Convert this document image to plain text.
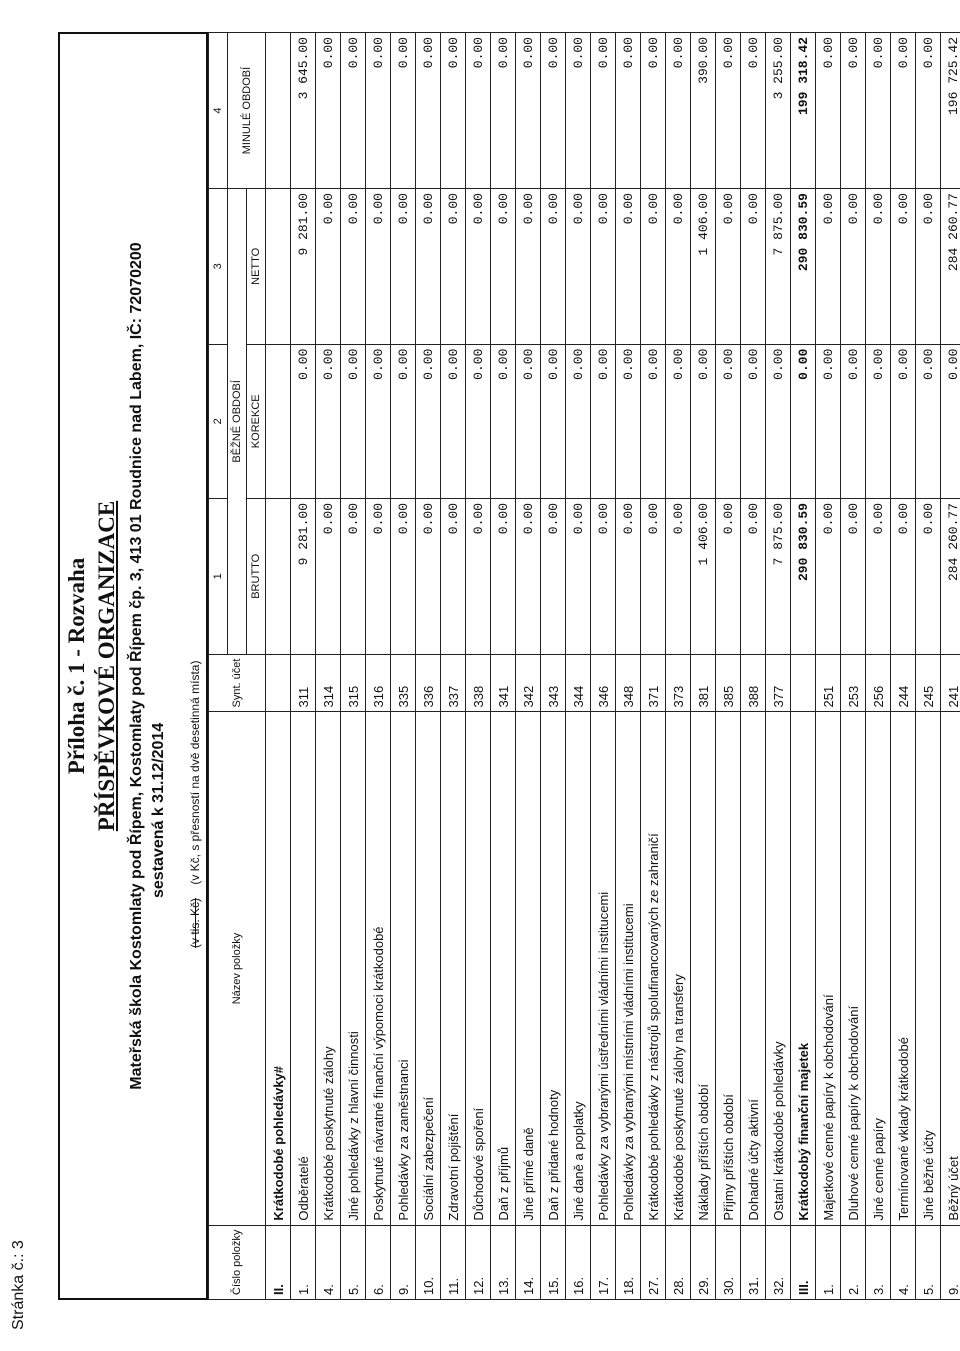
Stránka č.: 3
Příloha č. 1 - Rozvaha PŘÍSPĚVKOVÉ ORGANIZACE Mateřská škola Kostomlaty pod Řípem, Kostomlaty pod Řípem čp. 3, 413 01 Roudnice nad Labem, IČ: 72070200 sestavená k 31.12/2014
(v tis. Kč) (v Kč, s přesností na dvě desetinná místa)
Číslo položky	Název položky	Synt. účet	1	2	3	4
			BĚŽNÉ OBDOBÍ			MINULÉ OBDOBÍ
			BRUTTO	KOREKCE	NETTO	
II.	Krátkodobé pohledávky#					
1.	Odběratelé	311	9 281.00	0.00	9 281.00	3 645.00
4.	Krátkodobé poskytnuté zálohy	314	0.00	0.00	0.00	0.00
5.	Jiné pohledávky z hlavní činnosti	315	0.00	0.00	0.00	0.00
6.	Poskytnuté návratné finanční výpomoci krátkodobé	316	0.00	0.00	0.00	0.00
9.	Pohledávky za zaměstnanci	335	0.00	0.00	0.00	0.00
10.	Sociální zabezpečení	336	0.00	0.00	0.00	0.00
11.	Zdravotní pojištění	337	0.00	0.00	0.00	0.00
12.	Důchodové spoření	338	0.00	0.00	0.00	0.00
13.	Daň z příjmů	341	0.00	0.00	0.00	0.00
14.	Jiné přímé daně	342	0.00	0.00	0.00	0.00
15.	Daň z přidané hodnoty	343	0.00	0.00	0.00	0.00
16.	Jiné daně a poplatky	344	0.00	0.00	0.00	0.00
17.	Pohledávky za vybranými ústředními vládními institucemi	346	0.00	0.00	0.00	0.00
18.	Pohledávky za vybranými místními vládními institucemi	348	0.00	0.00	0.00	0.00
27.	Krátkodobé pohledávky z nástrojů spolufinancovaných ze zahraničí	371	0.00	0.00	0.00	0.00
28.	Krátkodobé poskytnuté zálohy na transfery	373	0.00	0.00	0.00	0.00
29.	Náklady příštích období	381	1 406.00	0.00	1 406.00	390.00
30.	Příjmy příštích období	385	0.00	0.00	0.00	0.00
31.	Dohadné účty aktivní	388	0.00	0.00	0.00	0.00
32.	Ostatní krátkodobé pohledávky	377	7 875.00	0.00	7 875.00	3 255.00
III.	Krátkodobý finanční majetek		290 830.59	0.00	290 830.59	199 318.42
1.	Majetkové cenné papíry k obchodování	251	0.00	0.00	0.00	0.00
2.	Dluhové cenné papíry k obchodování	253	0.00	0.00	0.00	0.00
3.	Jiné cenné papíry	256	0.00	0.00	0.00	0.00
4.	Termínované vklady krátkodobé	244	0.00	0.00	0.00	0.00
5.	Jiné běžné účty	245	0.00	0.00	0.00	0.00
9.	Běžný účet	241	284 260.77	0.00	284 260.77	196 725.42
